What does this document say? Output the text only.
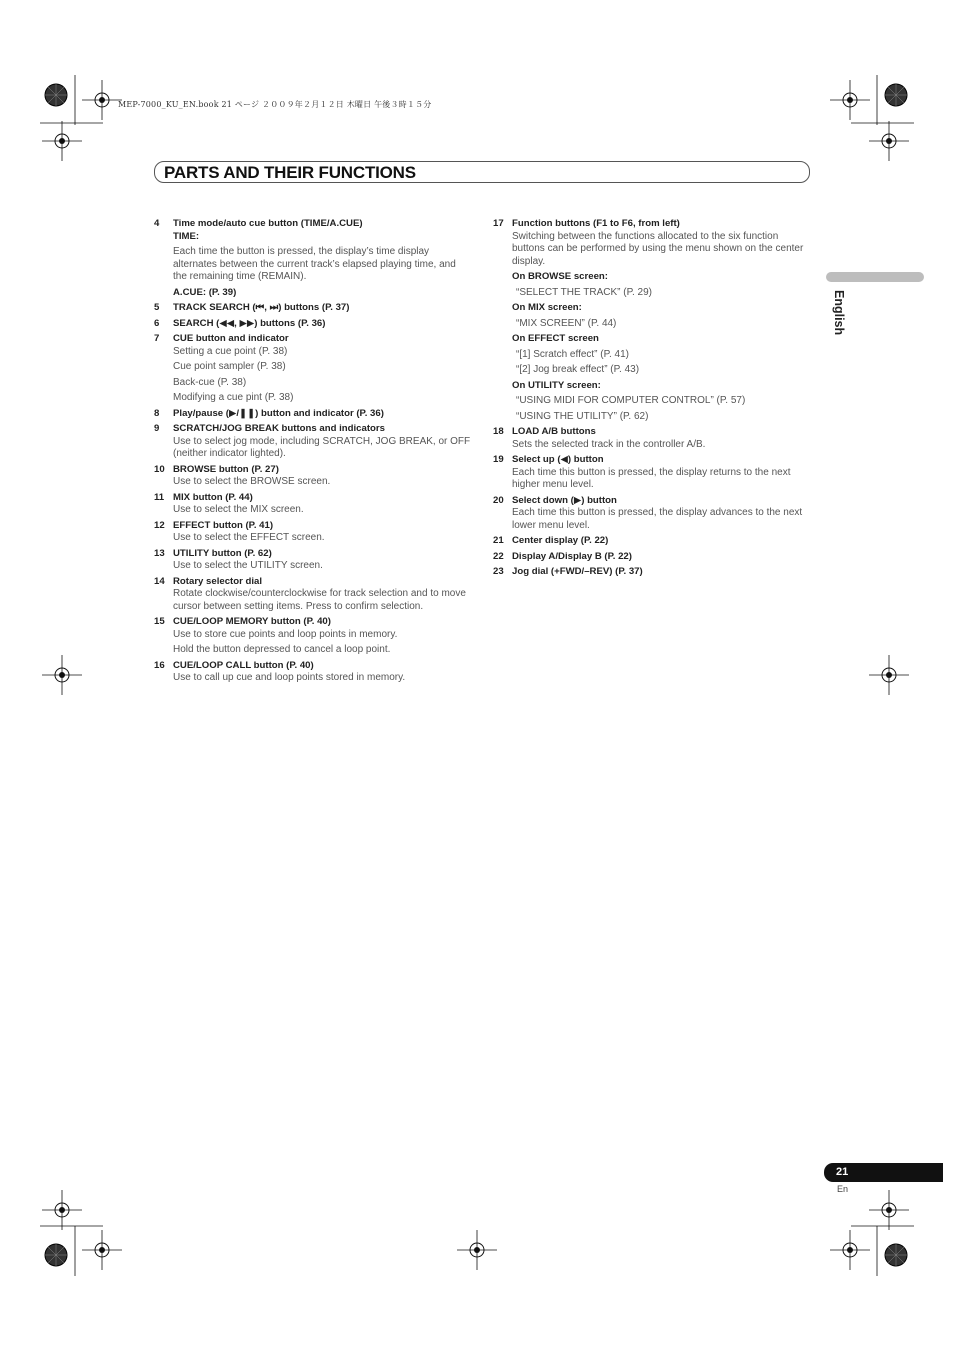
MEP-7000_KU_EN.book 21 ページ ２００９年２月１２日 木曜日 午後３時１５分
PARTS AND THEIR FUNCTIONS
English
4 Time mode/auto cue button (TIME/A.CUE)
TIME:
Each time the button is pressed, the display’s time display alternates between the current track’s elapsed playing time, and the remaining time (REMAIN).
A.CUE: (P. 39)
5 TRACK SEARCH (⏮, ⏭) buttons (P. 37)
6 SEARCH (◀◀, ▶▶) buttons (P. 36)
7 CUE button and indicator
Setting a cue point (P. 38)
Cue point sampler (P. 38)
Back-cue (P. 38)
Modifying a cue pint (P. 38)
8 Play/pause (▶/❚❚) button and indicator (P. 36)
9 SCRATCH/JOG BREAK buttons and indicators
Use to select jog mode, including SCRATCH, JOG BREAK, or OFF (neither indicator lighted).
10 BROWSE button (P. 27)
Use to select the BROWSE screen.
11 MIX button (P. 44)
Use to select the MIX screen.
12 EFFECT button (P. 41)
Use to select the EFFECT screen.
13 UTILITY button (P. 62)
Use to select the UTILITY screen.
14 Rotary selector dial
Rotate clockwise/counterclockwise for track selection and to move cursor between setting items. Press to confirm selection.
15 CUE/LOOP MEMORY button (P. 40)
Use to store cue points and loop points in memory.
Hold the button depressed to cancel a loop point.
16 CUE/LOOP CALL button (P. 40)
Use to call up cue and loop points stored in memory.
17 Function buttons (F1 to F6, from left)
Switching between the functions allocated to the six function buttons can be performed by using the menu shown on the center display.
On BROWSE screen:
“SELECT THE TRACK” (P. 29)
On MIX screen:
“MIX SCREEN” (P. 44)
On EFFECT screen
“[1] Scratch effect” (P. 41)
“[2] Jog break effect” (P. 43)
On UTILITY screen:
“USING MIDI FOR COMPUTER CONTROL” (P. 57)
“USING THE UTILITY” (P. 62)
18 LOAD A/B buttons
Sets the selected track in the controller A/B.
19 Select up (◀) button
Each time this button is pressed, the display returns to the next higher menu level.
20 Select down (▶) button
Each time this button is pressed, the display advances to the next lower menu level.
21 Center display (P. 22)
22 Display A/Display B (P. 22)
23 Jog dial (+FWD/–REV) (P. 37)
21
En
